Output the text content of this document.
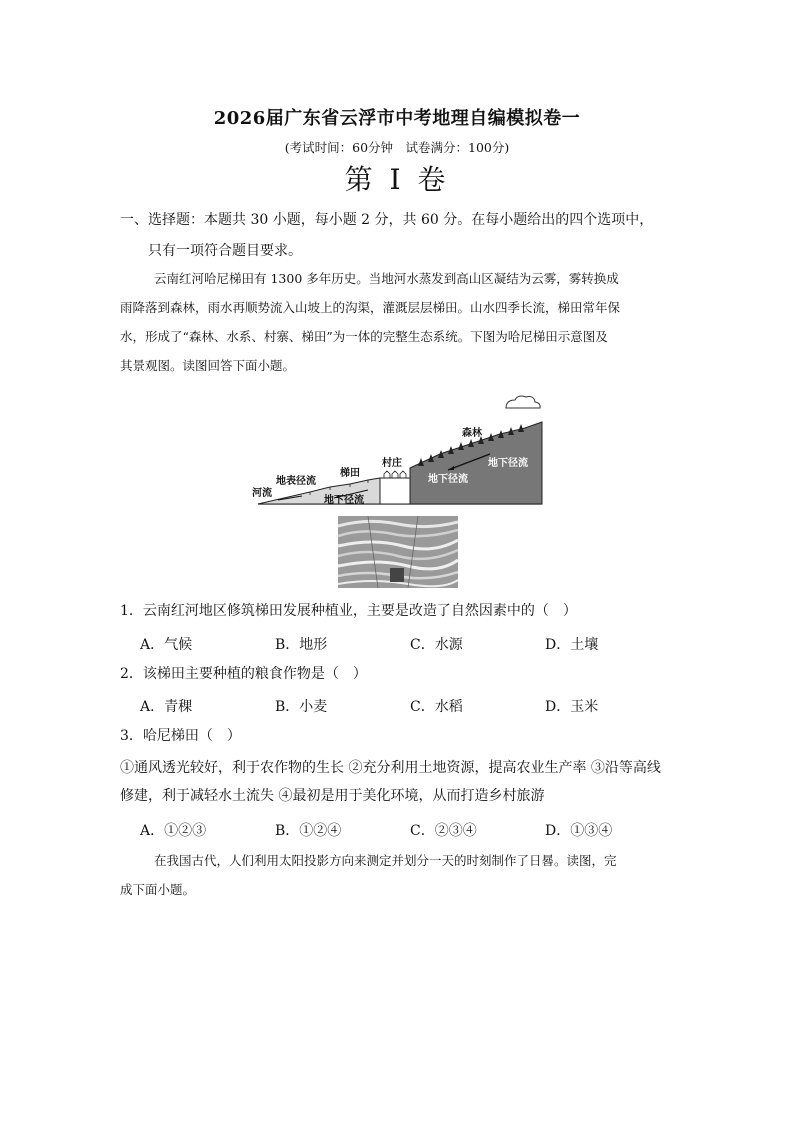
2026届广东省云浮市中考地理自编模拟卷一
(考试时间：60分钟　试卷满分：100分)
第 I 卷
一、选择题：本题共 30 小题，每小题 2 分，共 60 分。在每小题给出的四个选项中，
只有一项符合题目要求。
云南红河哈尼梯田有 1300 多年历史。当地河水蒸发到高山区凝结为云雾，雾转换成
雨降落到森林，雨水再顺势流入山坡上的沟渠，灌溉层层梯田。山水四季长流，梯田常年保
水，形成了“森林、水系、村寨、梯田”为一体的完整生态系统。下图为哈尼梯田示意图及
其景观图。读图回答下面小题。
森林
村庄
梯田
地表径流
河流
地下径流
地下径流
地下径流
1．云南红河地区修筑梯田发展种植业，主要是改造了自然因素中的（　）
A．气候	B．地形	C．水源	D．土壤
2．该梯田主要种植的粮食作物是（　）
A．青稞	B．小麦	C．水稻	D．玉米
3．哈尼梯田（　）
①通风透光较好，利于农作物的生长 ②充分利用土地资源，提高农业生产率 ③沿等高线
修建，利于减轻水土流失 ④最初是用于美化环境，从而打造乡村旅游
A．①②③	B．①②④	C．②③④	D．①③④
在我国古代，人们利用太阳投影方向来测定并划分一天的时刻制作了日晷。读图，完
成下面小题。
